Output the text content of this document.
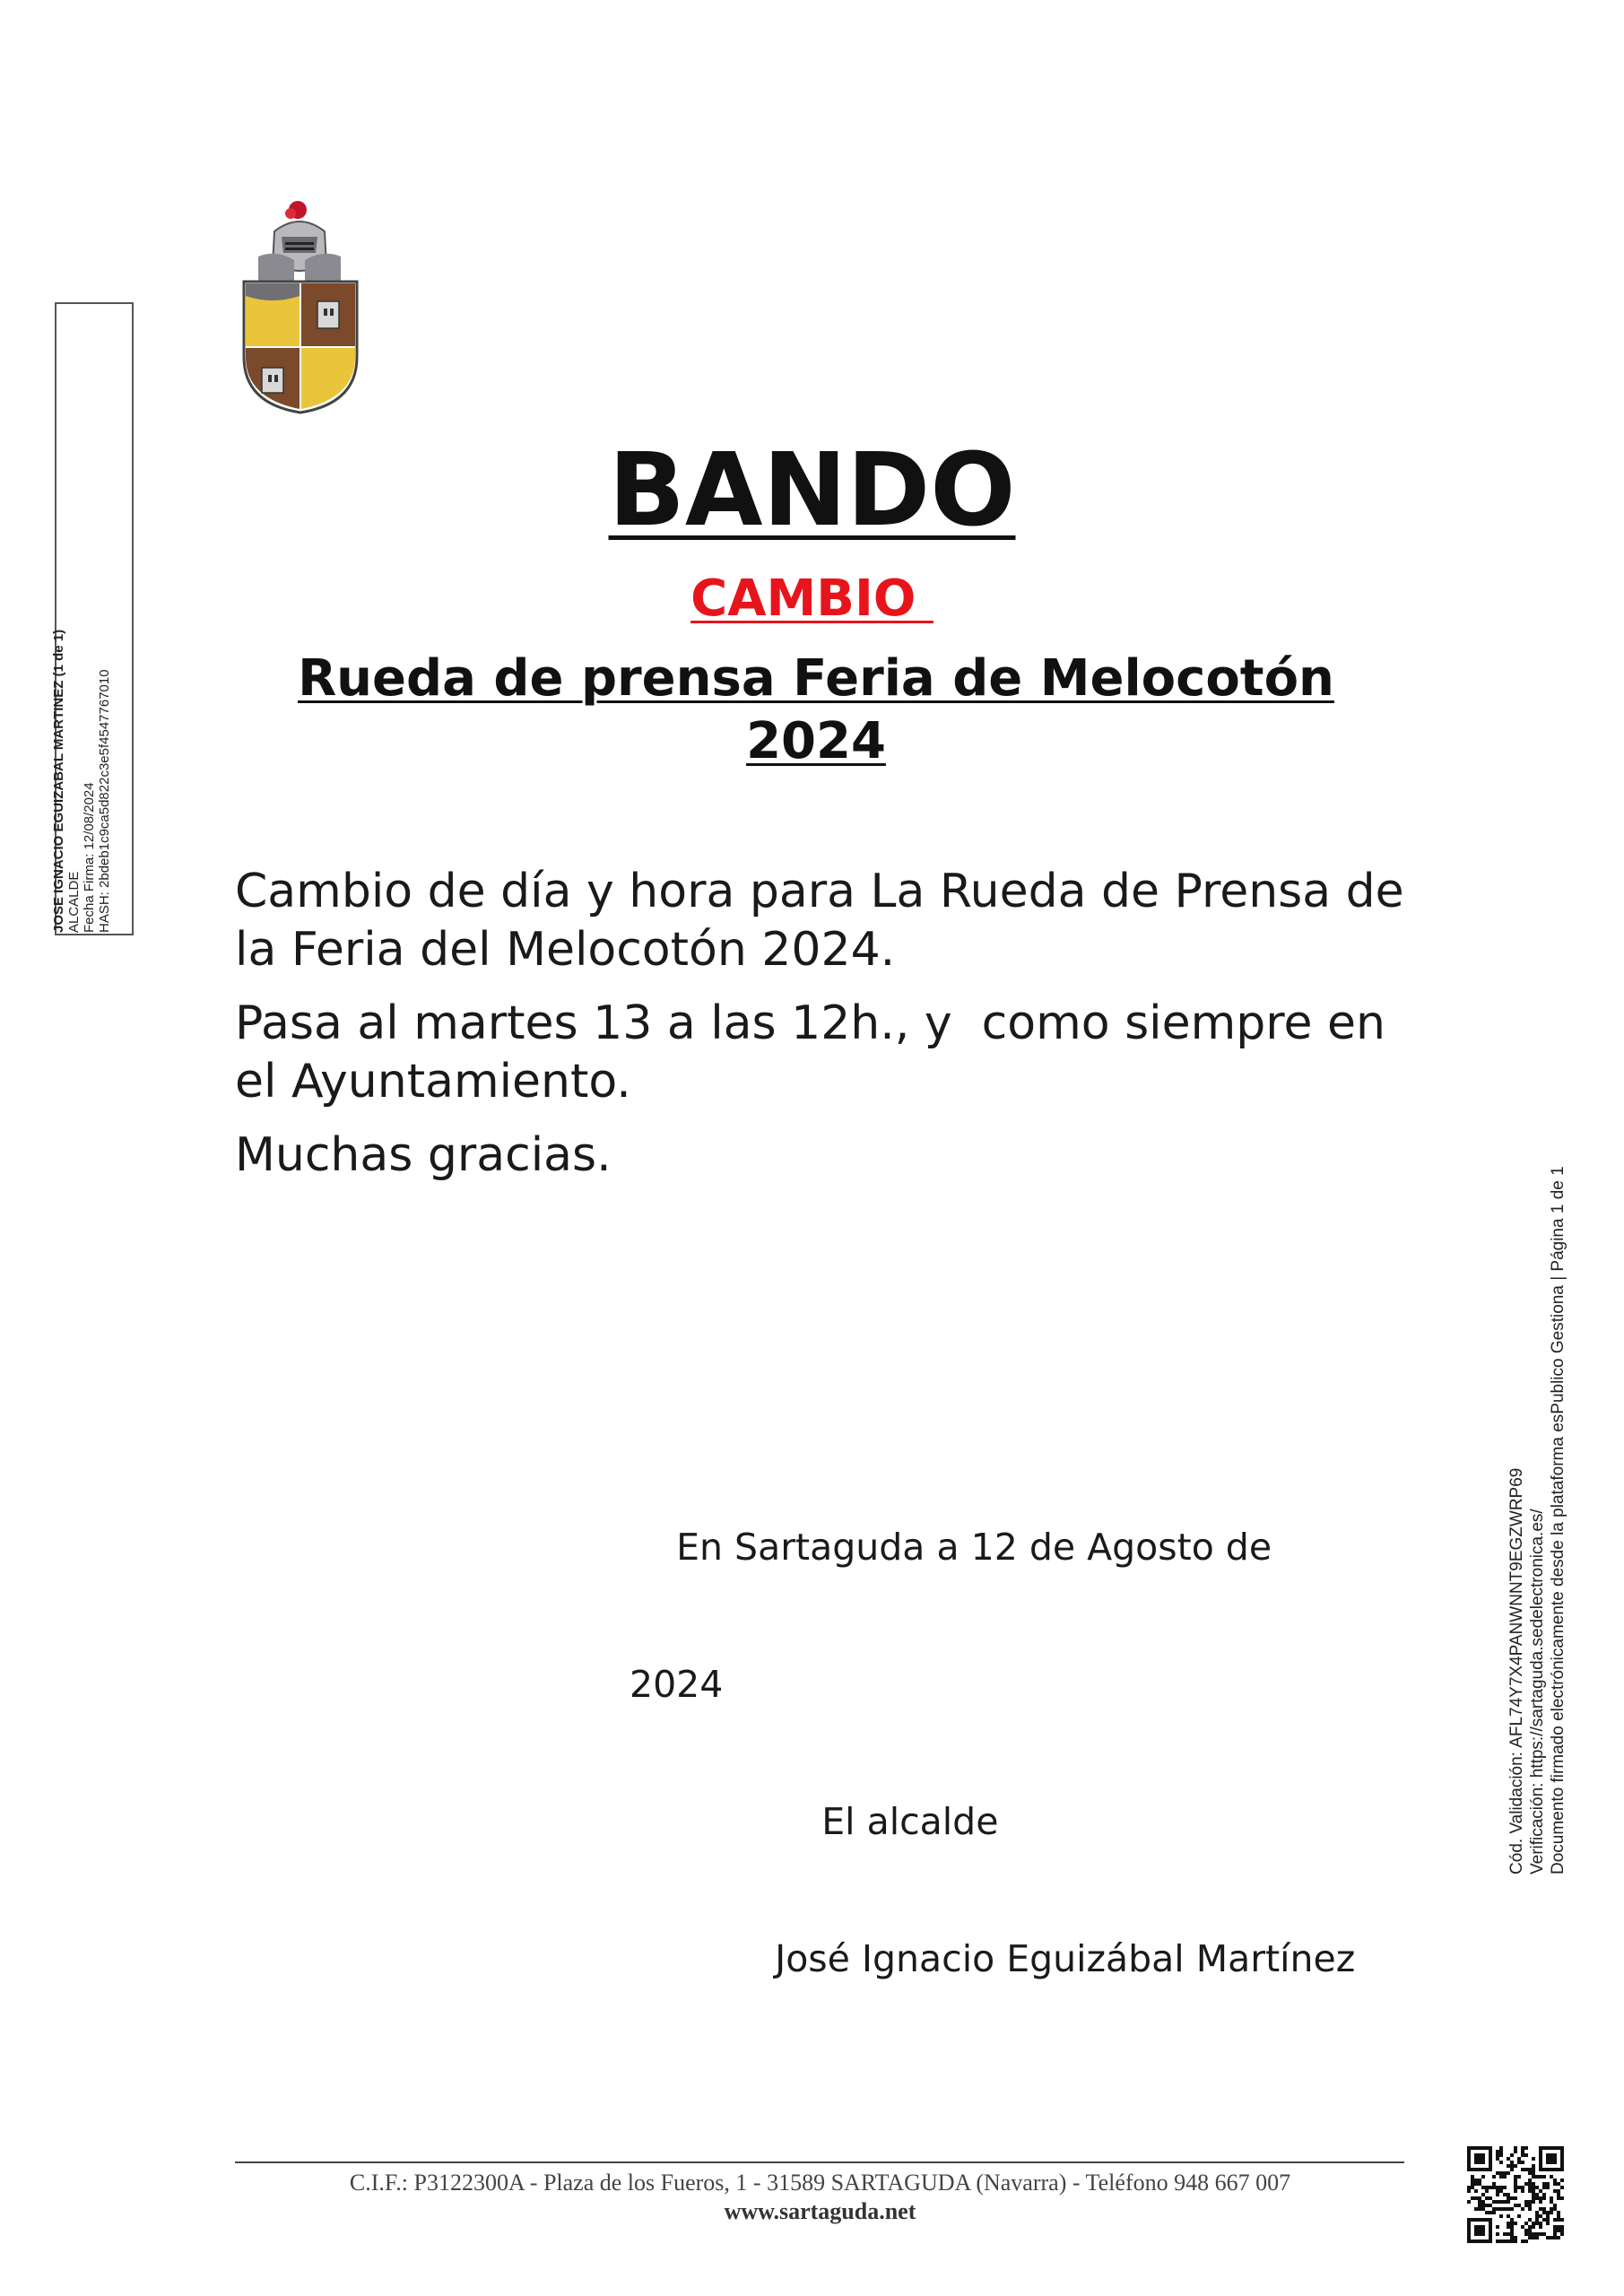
JOSE IGNACIO EGUIZABAL MARTINEZ (1 de 1) ALCALDE Fecha Firma: 12/08/2024 HASH: 2bdeb1c9ca5d822c3e5f4547767010
BANDO
CAMBIO
Rueda de prensa Feria de Melocotón
2024

Cambio de día y hora para La Rueda de Prensa de la Feria del Melocotón 2024.

Pasa al martes 13 a las 12h., y  como siempre en el Ayuntamiento.

Muchas gracias.

En Sartaguda a 12 de Agosto de

2024

El alcalde

José Ignacio Eguizábal Martínez

Cód. Validación: AFL74Y7X4PANWNNT9EGZWRP69 Verificación: https://sartaguda.sedelectronica.es/ Documento firmado electrónicamente desde la plataforma esPublico Gestiona | Página 1 de 1
C.I.F.: P3122300A - Plaza de los Fueros, 1 - 31589 SARTAGUDA (Navarra) - Teléfono 948 667 007
www.sartaguda.net
